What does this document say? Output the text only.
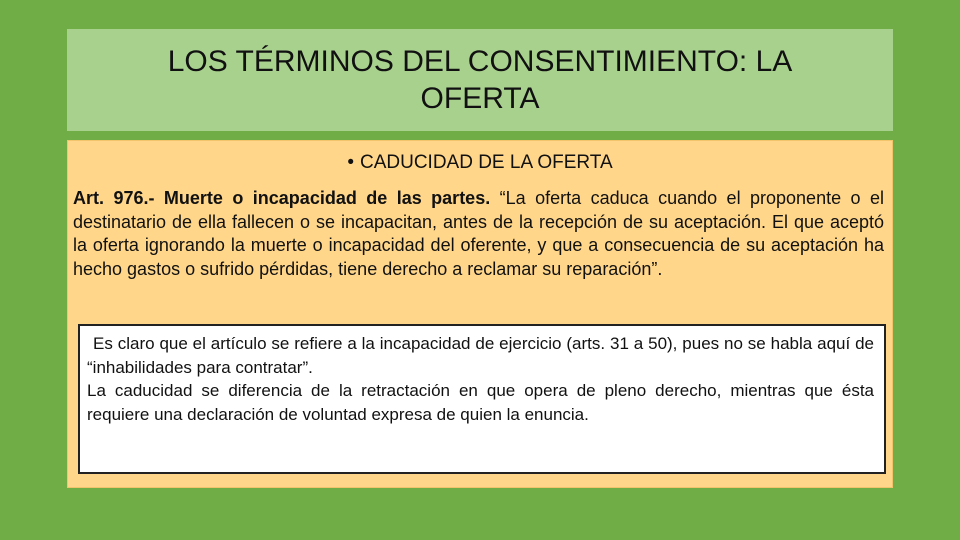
LOS TÉRMINOS DEL CONSENTIMIENTO: LA OFERTA
• CADUCIDAD DE LA OFERTA
Art. 976.- Muerte o incapacidad de las partes. “La oferta caduca cuando el proponente o el destinatario de ella fallecen o se incapacitan, antes de la recepción de su aceptación. El que aceptó la oferta ignorando la muerte o incapacidad del oferente, y que a consecuencia de su aceptación ha hecho gastos o sufrido pérdidas, tiene derecho a reclamar su reparación”.

Es claro que el artículo se refiere a la incapacidad de ejercicio (arts. 31 a 50), pues no se habla aquí de “inhabilidades para contratar”.

La caducidad se diferencia de la retractación en que opera de pleno derecho, mientras que ésta requiere una declaración de voluntad expresa de quien la enuncia.
